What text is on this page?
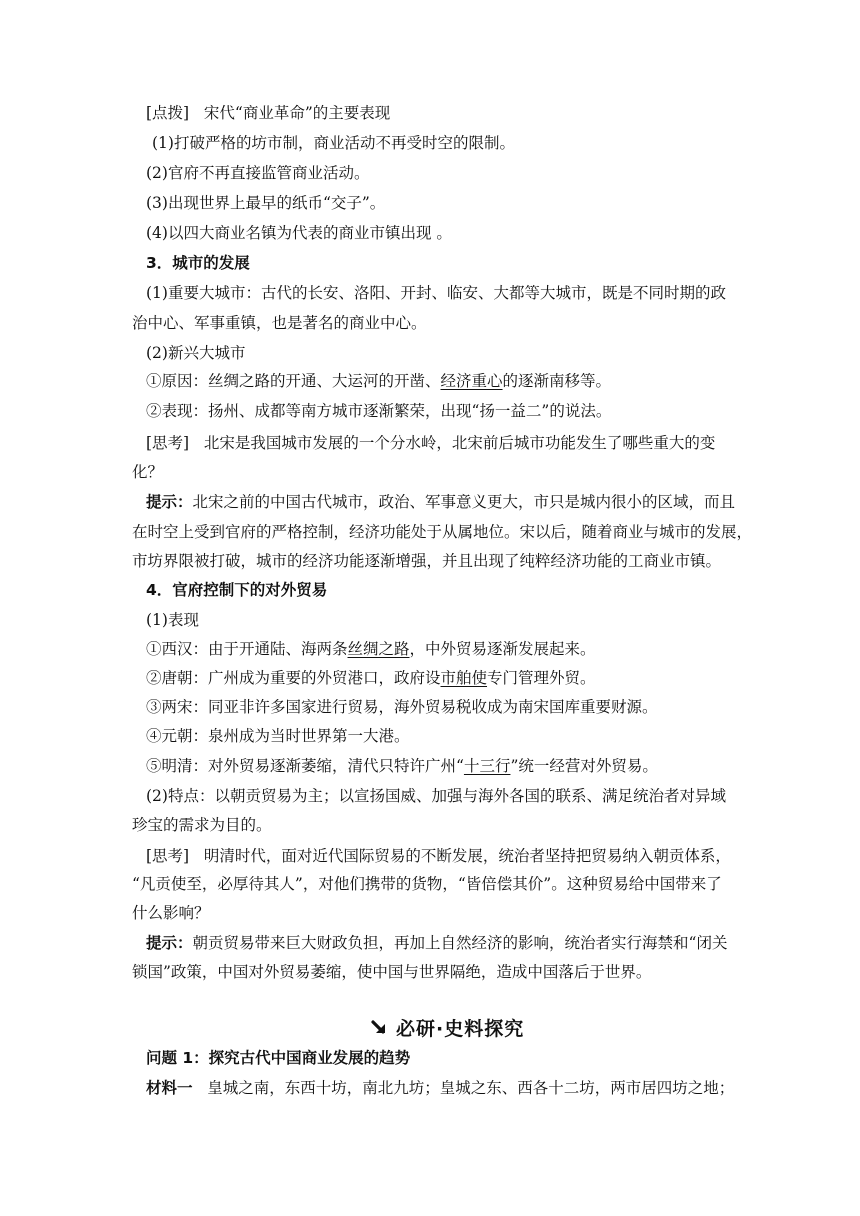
[点拨] 宋代“商业革命”的主要表现
(1)打破严格的坊市制，商业活动不再受时空的限制。
(2)官府不再直接监管商业活动。
(3)出现世界上最早的纸币“交子”。
(4)以四大商业名镇为代表的商业市镇出现 。
3．城市的发展
(1)重要大城市：古代的长安、洛阳、开封、临安、大都等大城市，既是不同时期的政
治中心、军事重镇，也是著名的商业中心。
(2)新兴大城市
①原因：丝绸之路的开通、大运河的开凿、经济重心的逐渐南移等。
②表现：扬州、成都等南方城市逐渐繁荣，出现“扬一益二”的说法。
[思考] 北宋是我国城市发展的一个分水岭，北宋前后城市功能发生了哪些重大的变
化？
提示：北宋之前的中国古代城市，政治、军事意义更大，市只是城内很小的区域，而且
在时空上受到官府的严格控制，经济功能处于从属地位。宋以后，随着商业与城市的发展，
市坊界限被打破，城市的经济功能逐渐增强，并且出现了纯粹经济功能的工商业市镇。
4．官府控制下的对外贸易
(1)表现
①西汉：由于开通陆、海两条丝绸之路，中外贸易逐渐发展起来。
②唐朝：广州成为重要的外贸港口，政府设市舶使专门管理外贸。
③两宋：同亚非许多国家进行贸易，海外贸易税收成为南宋国库重要财源。
④元朝：泉州成为当时世界第一大港。
⑤明清：对外贸易逐渐萎缩，清代只特许广州“十三行”统一经营对外贸易。
(2)特点：以朝贡贸易为主；以宣扬国威、加强与海外各国的联系、满足统治者对异域
珍宝的需求为目的。
[思考] 明清时代，面对近代国际贸易的不断发展，统治者坚持把贸易纳入朝贡体系，
“凡贡使至，必厚待其人”，对他们携带的货物，“皆倍偿其价”。这种贸易给中国带来了
什么影响？
提示：朝贡贸易带来巨大财政负担，再加上自然经济的影响，统治者实行海禁和“闭关
锁国”政策，中国对外贸易萎缩，使中国与世界隔绝，造成中国落后于世界。
必研·史料探究
问题 1：探究古代中国商业发展的趋势
材料一 皇城之南，东西十坊，南北九坊；皇城之东、西各十二坊，两市居四坊之地；
